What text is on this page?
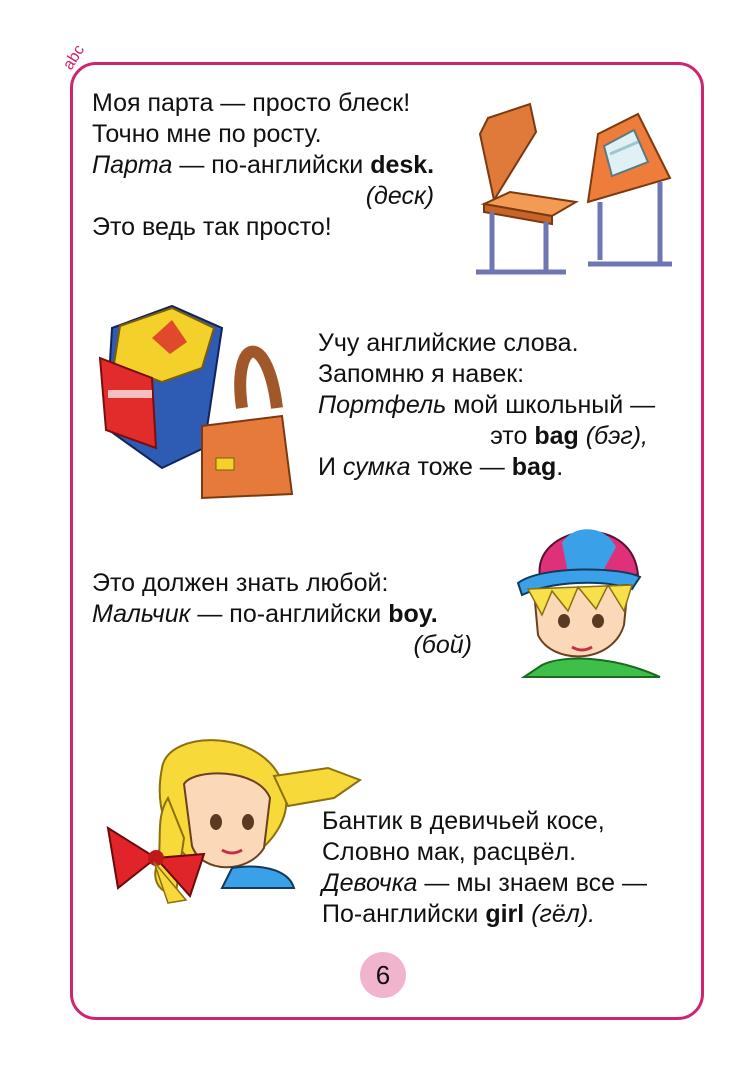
abc
Моя парта — просто блеск!
Точно мне по росту.
Парта — по-английски desk.
(деск)
Это ведь так просто!
Учу английские слова.
Запомню я навек:
Портфель мой школьный —
это bag (бэг),
И сумка тоже — bag.
Это должен знать любой:
Мальчик — по-английски boy.
(бой)
Бантик в девичьей косе,
Словно мак, расцвёл.
Девочка — мы знаем все —
По-английски girl (гёл).
6
